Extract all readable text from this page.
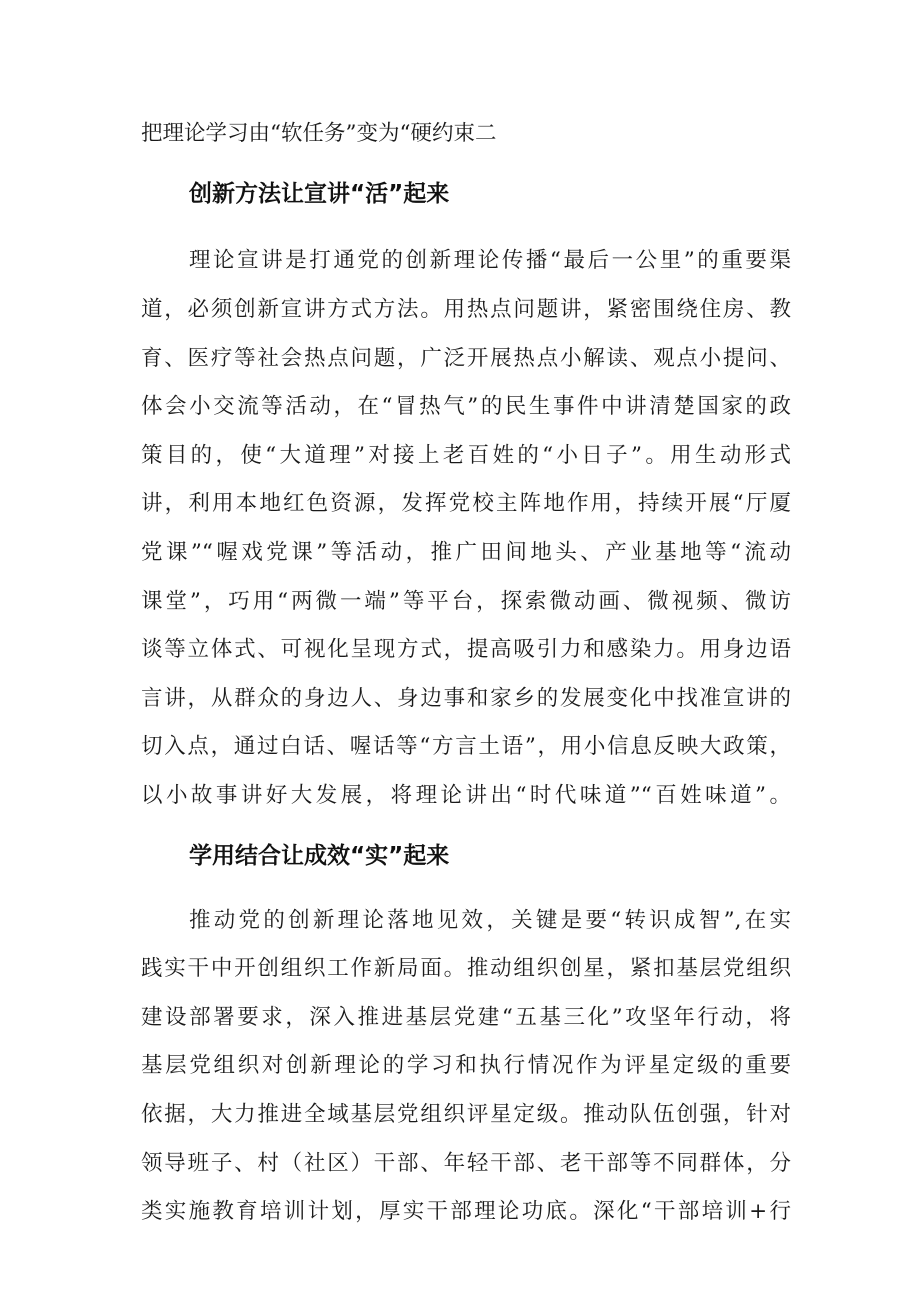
把理论学习由“软任务”变为“硬约束二

创新方法让宣讲“活”起来

理论宣讲是打通党的创新理论传播“最后一公里”的重要渠

道，必须创新宣讲方式方法。用热点问题讲，紧密围绕住房、教

育、医疗等社会热点问题，广泛开展热点小解读、观点小提问、

体会小交流等活动，在“冒热气”的民生事件中讲清楚国家的政

策目的，使“大道理”对接上老百姓的“小日子”。用生动形式

讲，利用本地红色资源，发挥党校主阵地作用，持续开展“厅厦

党课”“喔戏党课”等活动，推广田间地头、产业基地等“流动

课堂”，巧用“两微一端”等平台，探索微动画、微视频、微访

谈等立体式、可视化呈现方式，提高吸引力和感染力。用身边语

言讲，从群众的身边人、身边事和家乡的发展变化中找准宣讲的

切入点，通过白话、喔话等“方言土语”，用小信息反映大政策，

以小故事讲好大发展，将理论讲出“时代味道”“百姓味道”。

学用结合让成效“实”起来

推动党的创新理论落地见效，关键是要“转识成智”,在实

践实干中开创组织工作新局面。推动组织创星，紧扣基层党组织

建设部署要求，深入推进基层党建“五基三化”攻坚年行动，将

基层党组织对创新理论的学习和执行情况作为评星定级的重要

依据，大力推进全域基层党组织评星定级。推动队伍创强，针对

领导班子、村（社区）干部、年轻干部、老干部等不同群体，分

类实施教育培训计划，厚实干部理论功底。深化“干部培训+行
